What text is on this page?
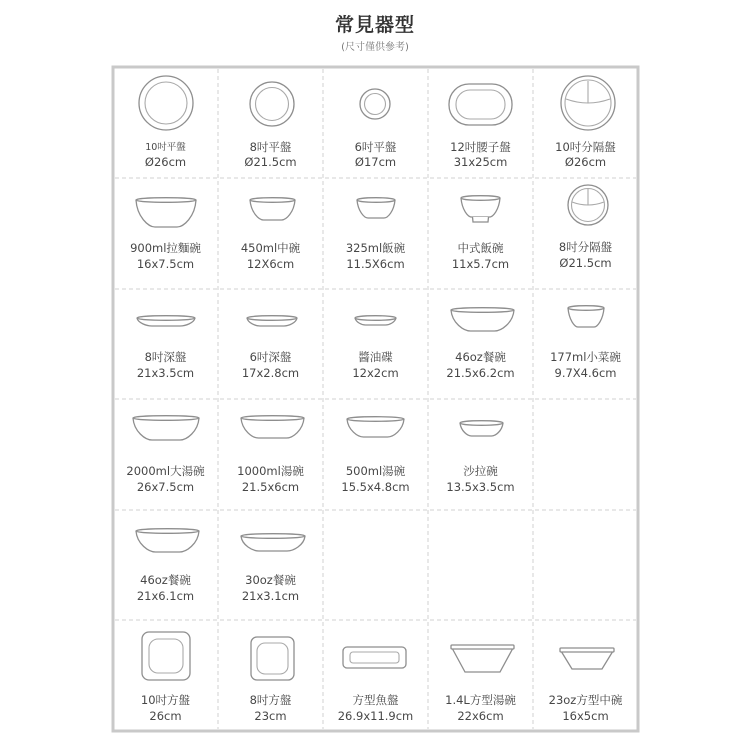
常見器型
(尺寸僅供參考)
10吋平盤
Ø26cm
8吋平盤
Ø21.5cm
6吋平盤
Ø17cm
12吋腰子盤
31x25cm
10吋分隔盤
Ø26cm
900ml拉麵碗
16x7.5cm
450ml中碗
12X6cm
325ml飯碗
11.5X6cm
中式飯碗
11x5.7cm
8吋分隔盤
Ø21.5cm
8吋深盤
21x3.5cm
6吋深盤
17x2.8cm
醬油碟
12x2cm
46oz餐碗
21.5x6.2cm
177ml小菜碗
9.7X4.6cm
2000ml大湯碗
26x7.5cm
1000ml湯碗
21.5x6cm
500ml湯碗
15.5x4.8cm
沙拉碗
13.5x3.5cm
46oz餐碗
21x6.1cm
30oz餐碗
21x3.1cm
10吋方盤
26cm
8吋方盤
23cm
方型魚盤
26.9x11.9cm
1.4L方型湯碗
22x6cm
23oz方型中碗
16x5cm
